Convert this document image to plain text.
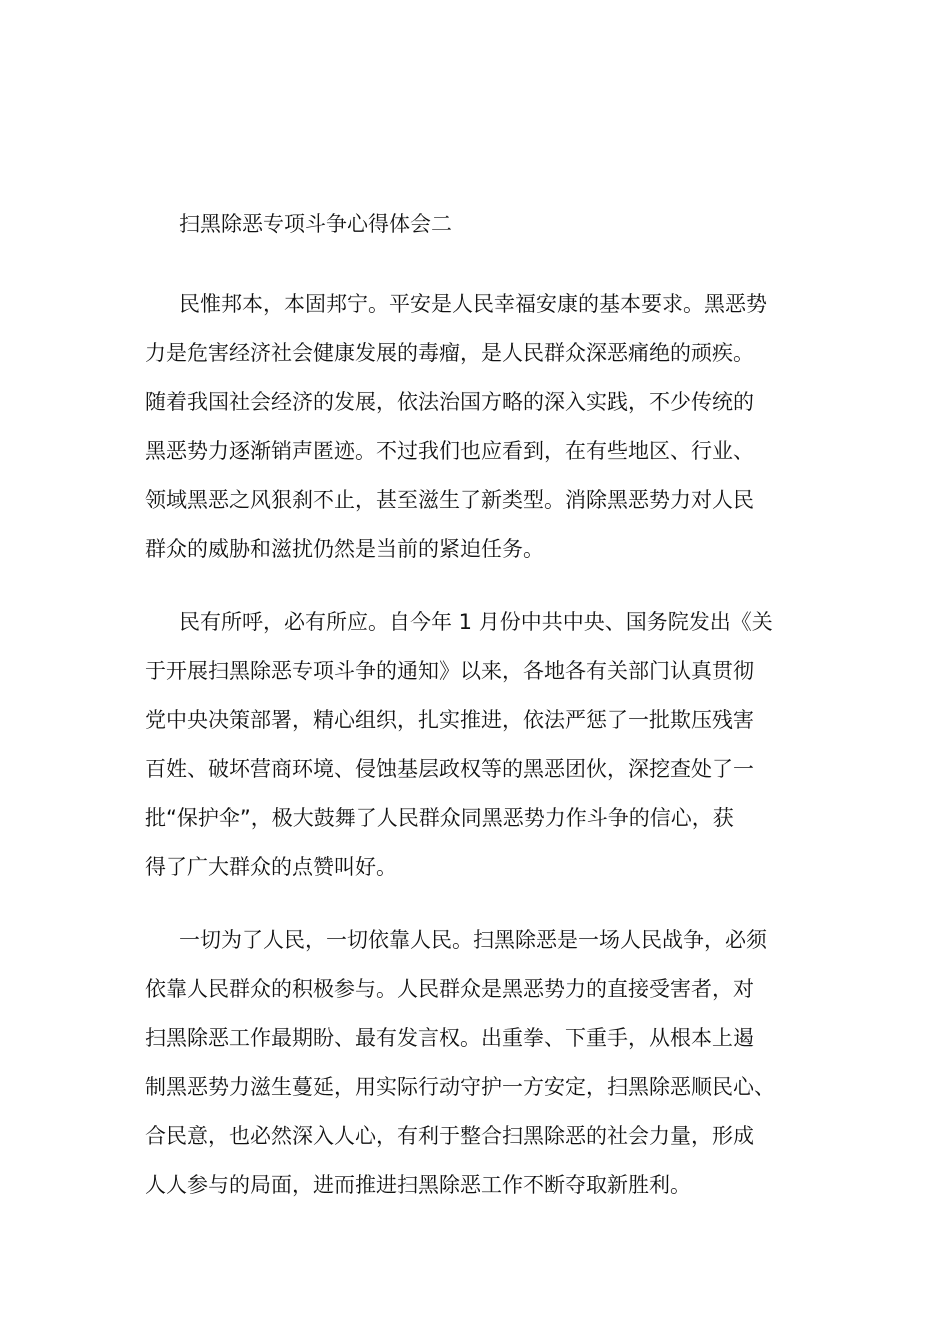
扫黑除恶专项斗争心得体会二
民惟邦本，本固邦宁。平安是人民幸福安康的基本要求。黑恶势
力是危害经济社会健康发展的毒瘤，是人民群众深恶痛绝的顽疾。
随着我国社会经济的发展，依法治国方略的深入实践，不少传统的
黑恶势力逐渐销声匿迹。不过我们也应看到，在有些地区、行业、
领域黑恶之风狠刹不止，甚至滋生了新类型。消除黑恶势力对人民
群众的威胁和滋扰仍然是当前的紧迫任务。
民有所呼，必有所应。自今年 1 月份中共中央、国务院发出《关
于开展扫黑除恶专项斗争的通知》以来，各地各有关部门认真贯彻
党中央决策部署，精心组织，扎实推进，依法严惩了一批欺压残害
百姓、破坏营商环境、侵蚀基层政权等的黑恶团伙，深挖查处了一
批“保护伞”，极大鼓舞了人民群众同黑恶势力作斗争的信心，获
得了广大群众的点赞叫好。
一切为了人民，一切依靠人民。扫黑除恶是一场人民战争，必须
依靠人民群众的积极参与。人民群众是黑恶势力的直接受害者，对
扫黑除恶工作最期盼、最有发言权。出重拳、下重手，从根本上遏
制黑恶势力滋生蔓延，用实际行动守护一方安定，扫黑除恶顺民心、
合民意，也必然深入人心，有利于整合扫黑除恶的社会力量，形成
人人参与的局面，进而推进扫黑除恶工作不断夺取新胜利。
